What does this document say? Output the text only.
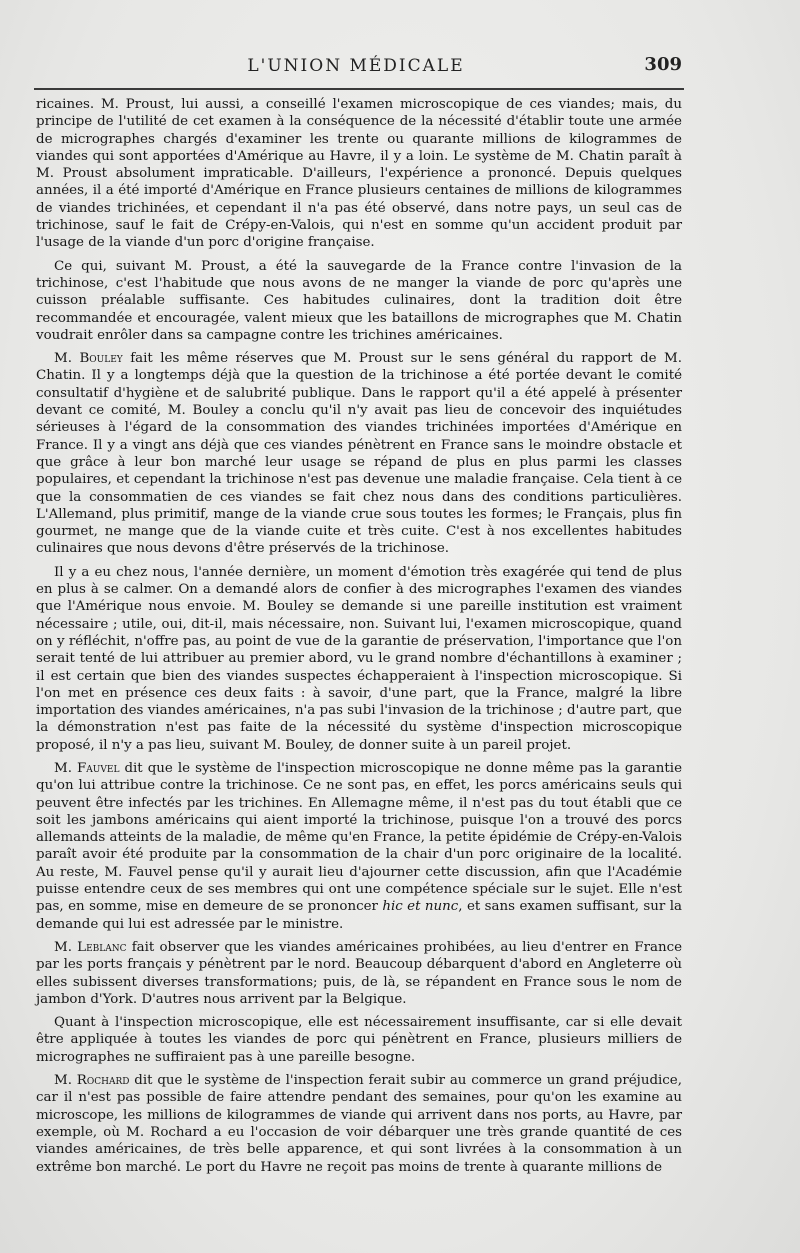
L'UNION MÉDICALE	309

ricaines. M. Proust, lui aussi, a conseillé l'examen microscopique de ces viandes; mais, du principe de l'utilité de cet examen à la conséquence de la nécessité d'établir toute une armée de micrographes chargés d'examiner les trente ou quarante millions de kilogrammes de viandes qui sont apportées d'Amérique au Havre, il y a loin. Le système de M. Chatin paraît à M. Proust absolument impraticable. D'ailleurs, l'expérience a prononcé. Depuis quelques années, il a été importé d'Amérique en France plusieurs centaines de millions de kilogrammes de viandes trichinées, et cependant il n'a pas été observé, dans notre pays, un seul cas de trichinose, sauf le fait de Crépy-en-Valois, qui n'est en somme qu'un accident produit par l'usage de la viande d'un porc d'origine française.

Ce qui, suivant M. Proust, a été la sauvegarde de la France contre l'invasion de la trichinose, c'est l'habitude que nous avons de ne manger la viande de porc qu'après une cuisson préalable suffisante. Ces habitudes culinaires, dont la tradition doit être recommandée et encouragée, valent mieux que les bataillons de micrographes que M. Chatin voudrait enrôler dans sa campagne contre les trichines américaines.

M. Bouley fait les même réserves que M. Proust sur le sens général du rapport de M. Chatin. Il y a longtemps déjà que la question de la trichinose a été portée devant le comité consultatif d'hygiène et de salubrité publique. Dans le rapport qu'il a été appelé à présenter devant ce comité, M. Bouley a conclu qu'il n'y avait pas lieu de concevoir des inquiétudes sérieuses à l'égard de la consommation des viandes trichinées importées d'Amérique en France. Il y a vingt ans déjà que ces viandes pénètrent en France sans le moindre obstacle et que grâce à leur bon marché leur usage se répand de plus en plus parmi les classes populaires, et cependant la trichinose n'est pas devenue une maladie française. Cela tient à ce que la consommatien de ces viandes se fait chez nous dans des conditions particulières. L'Allemand, plus primitif, mange de la viande crue sous toutes les formes; le Français, plus fin gourmet, ne mange que de la viande cuite et très cuite. C'est à nos excellentes habitudes culinaires que nous devons d'être préservés de la trichinose.

Il y a eu chez nous, l'année dernière, un moment d'émotion très exagérée qui tend de plus en plus à se calmer. On a demandé alors de confier à des micrographes l'examen des viandes que l'Amérique nous envoie. M. Bouley se demande si une pareille institution est vraiment nécessaire ; utile, oui, dit-il, mais nécessaire, non. Suivant lui, l'examen microscopique, quand on y réfléchit, n'offre pas, au point de vue de la garantie de préservation, l'importance que l'on serait tenté de lui attribuer au premier abord, vu le grand nombre d'échantillons à examiner ; il est certain que bien des viandes suspectes échapperaient à l'inspection microscopique. Si l'on met en présence ces deux faits : à savoir, d'une part, que la France, malgré la libre importation des viandes américaines, n'a pas subi l'invasion de la trichinose ; d'autre part, que la démonstration n'est pas faite de la nécessité du système d'inspection microscopique proposé, il n'y a pas lieu, suivant M. Bouley, de donner suite à un pareil projet.

M. Fauvel dit que le système de l'inspection microscopique ne donne même pas la garantie qu'on lui attribue contre la trichinose. Ce ne sont pas, en effet, les porcs américains seuls qui peuvent être infectés par les trichines. En Allemagne même, il n'est pas du tout établi que ce soit les jambons américains qui aient importé la trichinose, puisque l'on a trouvé des porcs allemands atteints de la maladie, de même qu'en France, la petite épidémie de Crépy-en-Valois paraît avoir été produite par la consommation de la chair d'un porc originaire de la localité. Au reste, M. Fauvel pense qu'il y aurait lieu d'ajourner cette discussion, afin que l'Académie puisse entendre ceux de ses membres qui ont une compétence spéciale sur le sujet. Elle n'est pas, en somme, mise en demeure de se prononcer hic et nunc, et sans examen suffisant, sur la demande qui lui est adressée par le ministre.

M. Leblanc fait observer que les viandes américaines prohibées, au lieu d'entrer en France par les ports français y pénètrent par le nord. Beaucoup débarquent d'abord en Angleterre où elles subissent diverses transformations; puis, de là, se répandent en France sous le nom de jambon d'York. D'autres nous arrivent par la Belgique.

Quant à l'inspection microscopique, elle est nécessairement insuffisante, car si elle devait être appliquée à toutes les viandes de porc qui pénètrent en France, plusieurs milliers de micrographes ne suffiraient pas à une pareille besogne.

M. Rochard dit que le système de l'inspection ferait subir au commerce un grand préjudice, car il n'est pas possible de faire attendre pendant des semaines, pour qu'on les examine au microscope, les millions de kilogrammes de viande qui arrivent dans nos ports, au Havre, par exemple, où M. Rochard a eu l'occasion de voir débarquer une très grande quantité de ces viandes américaines, de très belle apparence, et qui sont livrées à la consommation à un extrême bon marché. Le port du Havre ne reçoit pas moins de trente à quarante millions de
